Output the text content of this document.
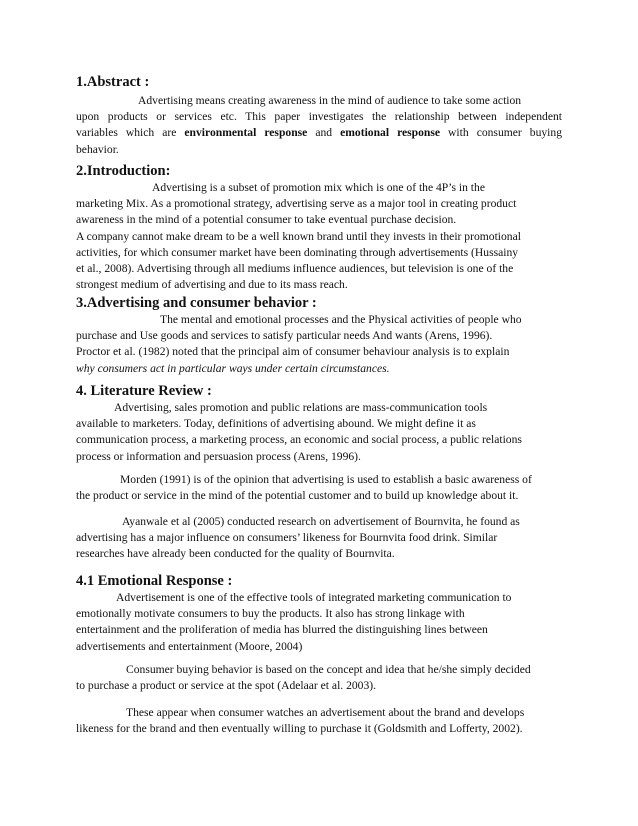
1.Abstract :
Advertising means creating awareness in the mind of audience to take some action
upon products or services etc. This paper investigates the relationship between independent
variables which are environmental response and emotional response with consumer buying
behavior.
2.Introduction:
Advertising is a subset of promotion mix which is one of the 4P’s in the
marketing Mix. As a promotional strategy, advertising serve as a major tool in creating product
awareness in the mind of a potential consumer to take eventual purchase decision.
A company cannot make dream to be a well known brand until they invests in their promotional
activities, for which consumer market have been dominating through advertisements (Hussainy
et al., 2008). Advertising through all mediums influence audiences, but television is one of the
strongest medium of advertising and due to its mass reach.
3.Advertising and consumer behavior :
The mental and emotional processes and the Physical activities of people who
purchase and Use goods and services to satisfy particular needs And wants (Arens, 1996).
Proctor et al. (1982) noted that the principal aim of consumer behaviour analysis is to explain
why consumers act in particular ways under certain circumstances.
4. Literature Review :
Advertising, sales promotion and public relations are mass-communication tools
available to marketers. Today, definitions of advertising abound. We might define it as
communication process, a marketing process, an economic and social process, a public relations
process or information and persuasion process (Arens, 1996).
Morden (1991) is of the opinion that advertising is used to establish a basic awareness of
the product or service in the mind of the potential customer and to build up knowledge about it.
Ayanwale et al (2005) conducted research on advertisement of Bournvita, he found as
advertising has a major influence on consumers’ likeness for Bournvita food drink. Similar
researches have already been conducted for the quality of Bournvita.
4.1 Emotional Response :
Advertisement is one of the effective tools of integrated marketing communication to
emotionally motivate consumers to buy the products. It also has strong linkage with
entertainment and the proliferation of media has blurred the distinguishing lines between
advertisements and entertainment (Moore, 2004)
Consumer buying behavior is based on the concept and idea that he/she simply decided
to purchase a product or service at the spot (Adelaar et al. 2003).
These appear when consumer watches an advertisement about the brand and develops
likeness for the brand and then eventually willing to purchase it (Goldsmith and Lofferty, 2002).
